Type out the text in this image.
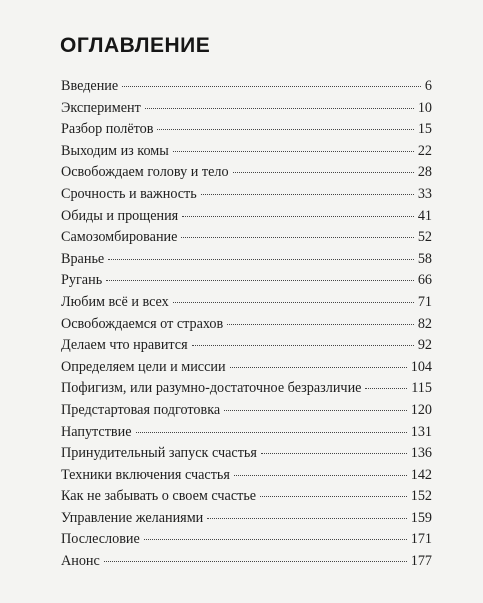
ОГЛАВЛЕНИЕ
Введение	6
Эксперимент	10
Разбор полётов	15
Выходим из комы	22
Освобождаем голову и тело	28
Срочность и важность	33
Обиды и прощения	41
Самозомбирование	52
Вранье	58
Ругань	66
Любим всё и всех	71
Освобождаемся от страхов	82
Делаем что нравится	92
Определяем цели и миссии	104
Пофигизм, или разумно-достаточное безразличие	115
Предстартовая подготовка	120
Напутствие	131
Принудительный запуск счастья	136
Техники включения счастья	142
Как не забывать о своем счастье	152
Управление желаниями	159
Послесловие	171
Анонс	177
